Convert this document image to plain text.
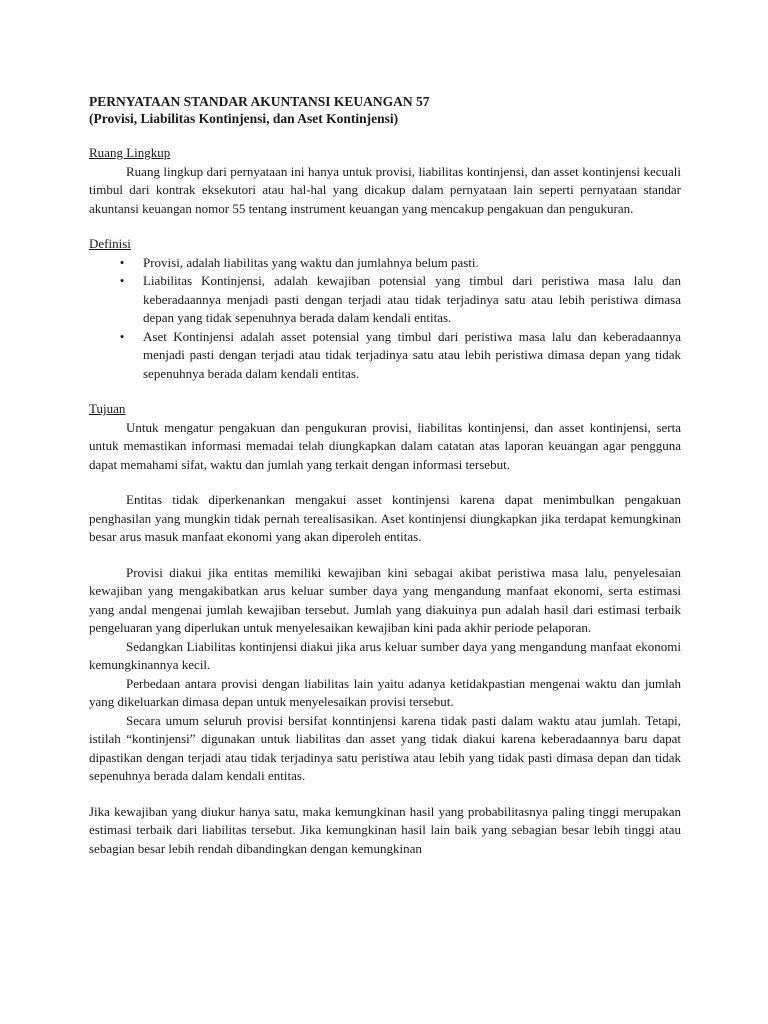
PERNYATAAN STANDAR AKUNTANSI KEUANGAN 57
(Provisi, Liabilitas Kontinjensi, dan Aset Kontinjensi)
Ruang Lingkup

Ruang lingkup dari pernyataan ini hanya untuk provisi, liabilitas kontinjensi, dan asset kontinjensi kecuali timbul dari kontrak eksekutori atau hal-hal yang dicakup dalam pernyataan lain seperti pernyataan standar akuntansi keuangan nomor 55 tentang instrument keuangan yang mencakup pengakuan dan pengukuran.

Definisi
• Provisi, adalah liabilitas yang waktu dan jumlahnya belum pasti.
• Liabilitas Kontinjensi, adalah kewajiban potensial yang timbul dari peristiwa masa lalu dan keberadaannya menjadi pasti dengan terjadi atau tidak terjadinya satu atau lebih peristiwa dimasa depan yang tidak sepenuhnya berada dalam kendali entitas.
• Aset Kontinjensi adalah asset potensial yang timbul dari peristiwa masa lalu dan keberadaannya menjadi pasti dengan terjadi atau tidak terjadinya satu atau lebih peristiwa dimasa depan yang tidak sepenuhnya berada dalam kendali entitas.
Tujuan

Untuk mengatur pengakuan dan pengukuran provisi, liabilitas kontinjensi, dan asset kontinjensi, serta untuk memastikan informasi memadai telah diungkapkan dalam catatan atas laporan keuangan agar pengguna dapat memahami sifat, waktu dan jumlah yang terkait dengan informasi tersebut.

Entitas tidak diperkenankan mengakui asset kontinjensi karena dapat menimbulkan pengakuan penghasilan yang mungkin tidak pernah terealisasikan. Aset kontinjensi diungkapkan jika terdapat kemungkinan besar arus masuk manfaat ekonomi yang akan diperoleh entitas.

Provisi diakui jika entitas memiliki kewajiban kini sebagai akibat peristiwa masa lalu, penyelesaian kewajiban yang mengakibatkan arus keluar sumber daya yang mengandung manfaat ekonomi, serta estimasi yang andal mengenai jumlah kewajiban tersebut. Jumlah yang diakuinya pun adalah hasil dari estimasi terbaik pengeluaran yang diperlukan untuk menyelesaikan kewajiban kini pada akhir periode pelaporan.

Sedangkan Liabilitas kontinjensi diakui jika arus keluar sumber daya yang mengandung manfaat ekonomi kemungkinannya kecil.

Perbedaan antara provisi dengan liabilitas lain yaitu adanya ketidakpastian mengenai waktu dan jumlah yang dikeluarkan dimasa depan untuk menyelesaikan provisi tersebut.

Secara umum seluruh provisi bersifat konntinjensi karena tidak pasti dalam waktu atau jumlah. Tetapi, istilah “kontinjensi” digunakan untuk liabilitas dan asset yang tidak diakui karena keberadaannya baru dapat dipastikan dengan terjadi atau tidak terjadinya satu peristiwa atau lebih yang tidak pasti dimasa depan dan tidak sepenuhnya berada dalam kendali entitas.

Jika kewajiban yang diukur hanya satu, maka kemungkinan hasil yang probabilitasnya paling tinggi merupakan estimasi terbaik dari liabilitas tersebut. Jika kemungkinan hasil lain baik yang sebagian besar lebih tinggi atau sebagian besar lebih rendah dibandingkan dengan kemungkinan
